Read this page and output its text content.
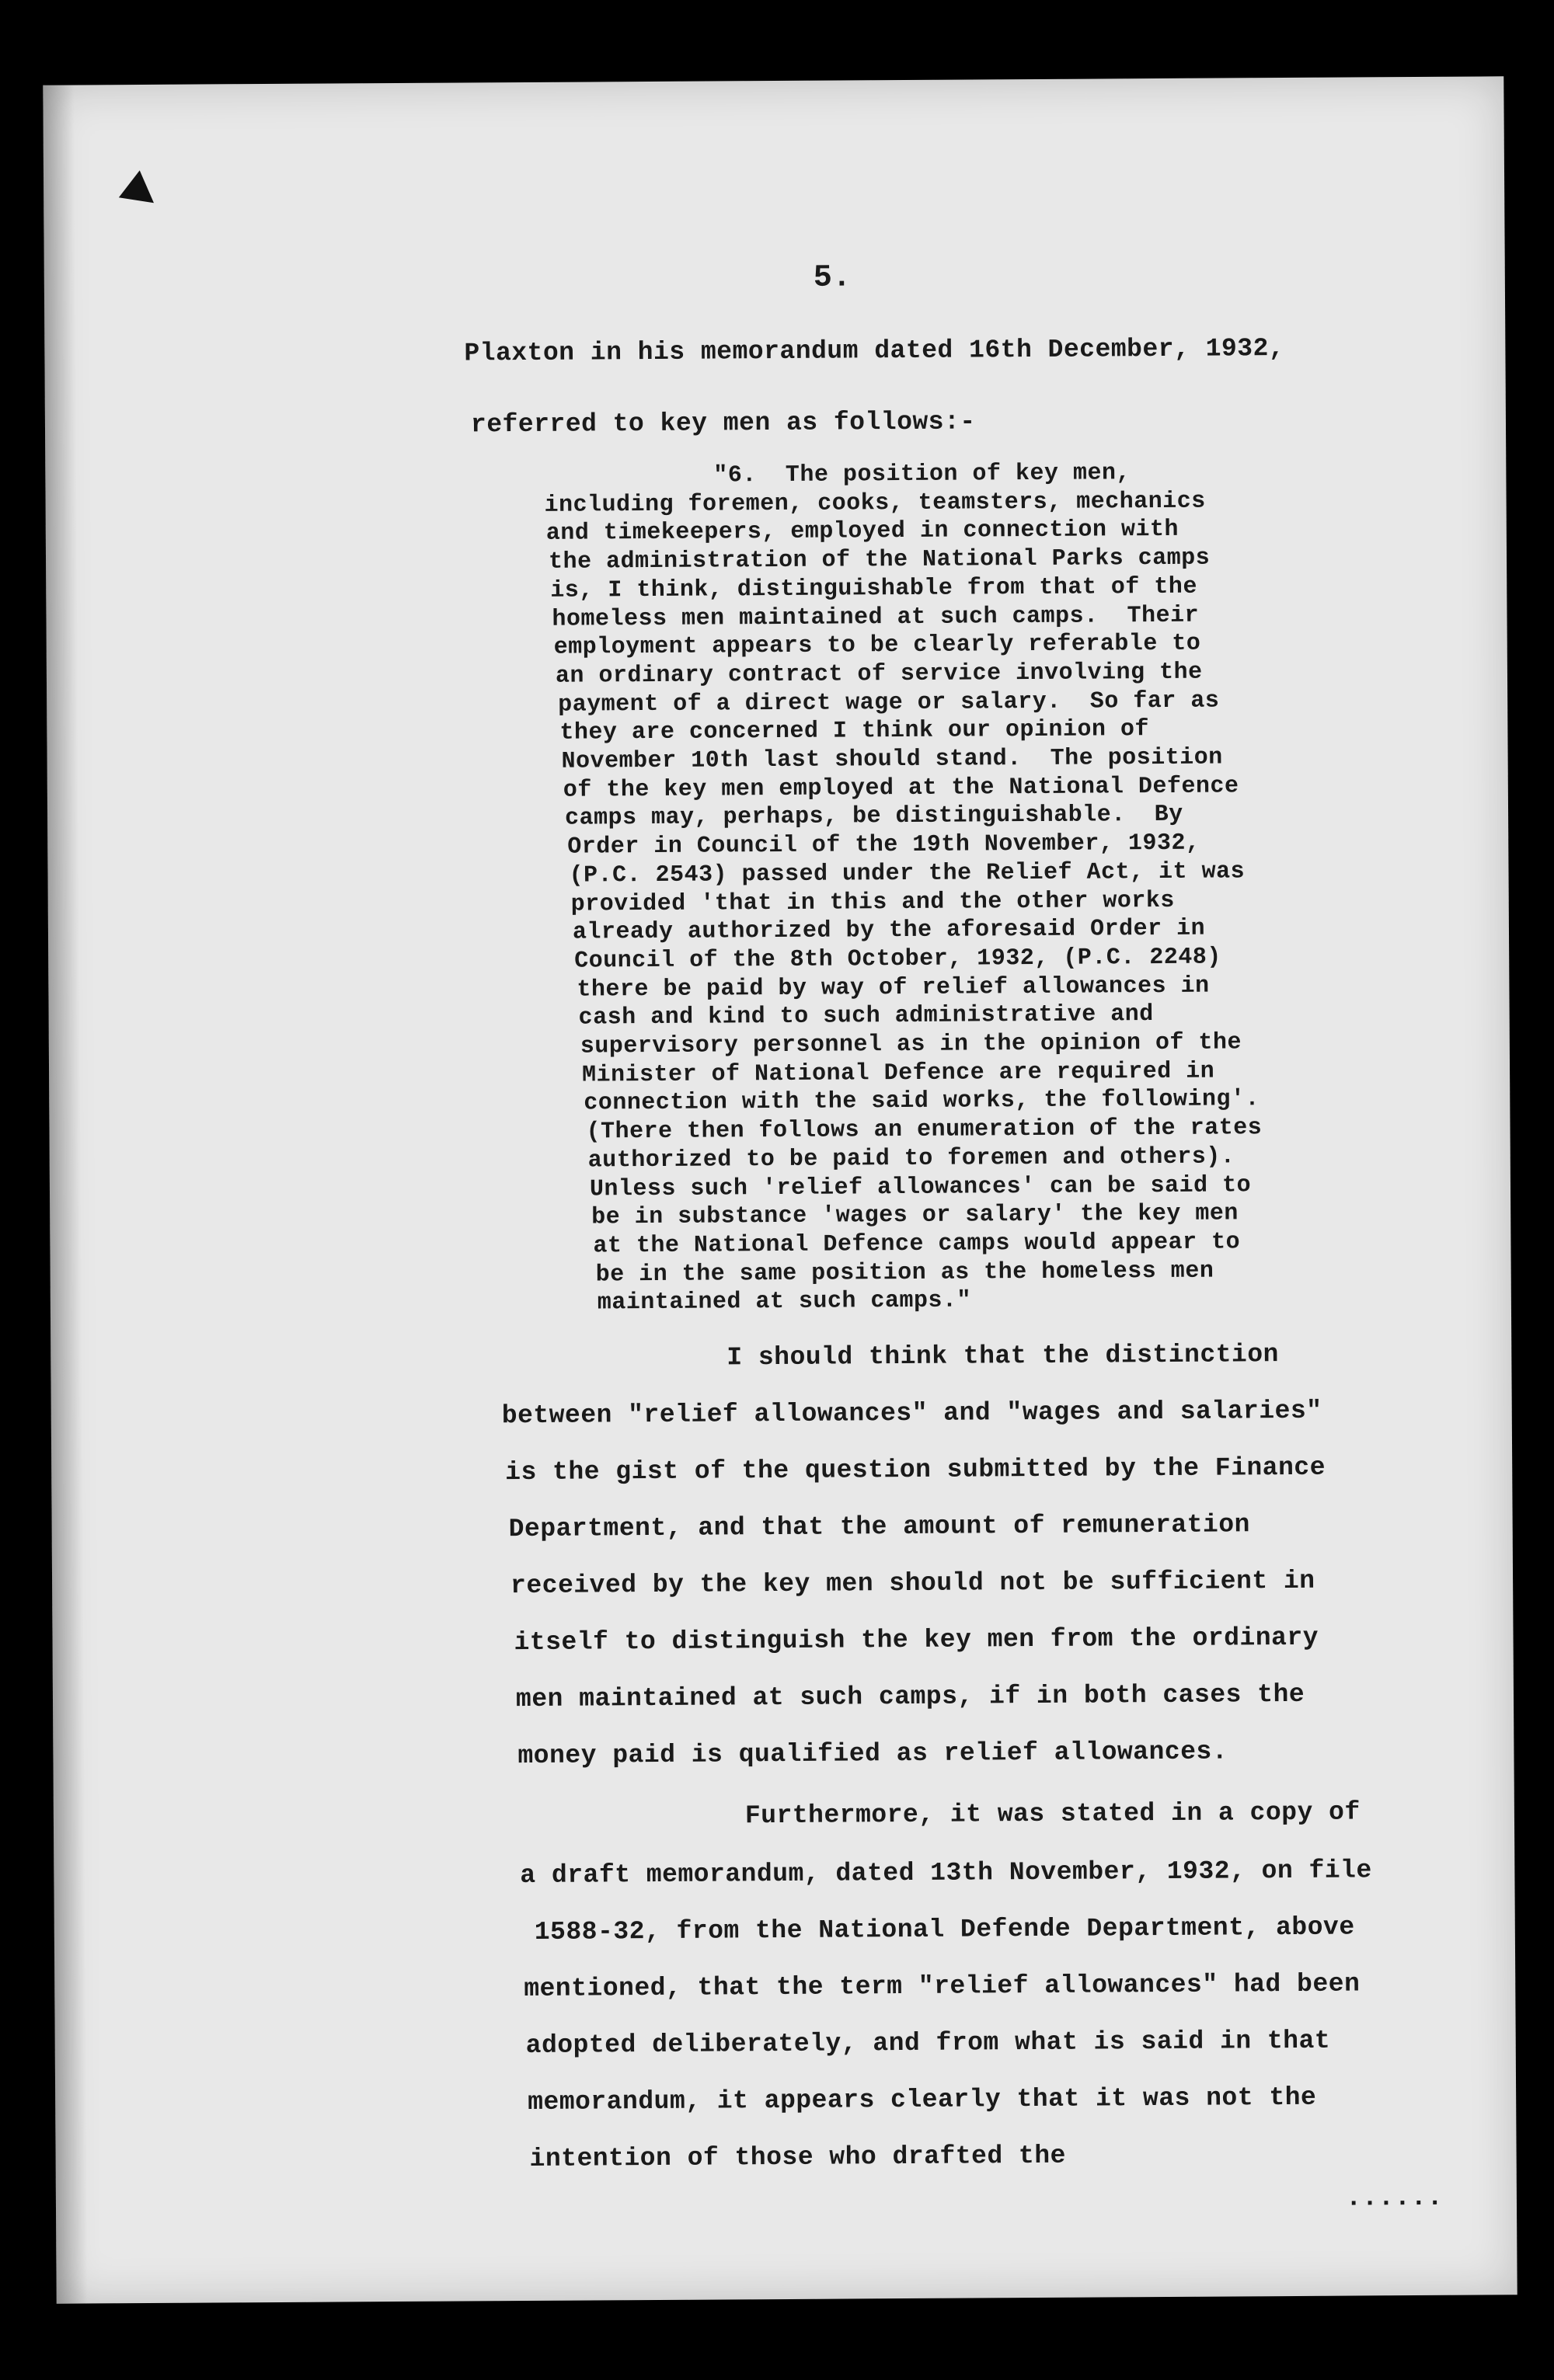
5.
Plaxton in his memorandum dated 16th December, 1932,
referred to key men as follows:-
"6.  The position of key men,
including foremen, cooks, teamsters, mechanics
and timekeepers, employed in connection with
the administration of the National Parks camps
is, I think, distinguishable from that of the
homeless men maintained at such camps.  Their
employment appears to be clearly referable to
an ordinary contract of service involving the
payment of a direct wage or salary.  So far as
they are concerned I think our opinion of
November 10th last should stand.  The position
of the key men employed at the National Defence
camps may, perhaps, be distinguishable.  By
Order in Council of the 19th November, 1932,
(P.C. 2543) passed under the Relief Act, it was
provided 'that in this and the other works
already authorized by the aforesaid Order in
Council of the 8th October, 1932, (P.C. 2248)
there be paid by way of relief allowances in
cash and kind to such administrative and
supervisory personnel as in the opinion of the
Minister of National Defence are required in
connection with the said works, the following'.
(There then follows an enumeration of the rates
authorized to be paid to foremen and others).
Unless such 'relief allowances' can be said to
be in substance 'wages or salary' the key men
at the National Defence camps would appear to
be in the same position as the homeless men
maintained at such camps."
I should think that the distinction
between "relief allowances" and "wages and salaries"
is the gist of the question submitted by the Finance
Department, and that the amount of remuneration
received by the key men should not be sufficient in
itself to distinguish the key men from the ordinary
men maintained at such camps, if in both cases the
money paid is qualified as relief allowances.
Furthermore, it was stated in a copy of
a draft memorandum, dated 13th November, 1932, on file
1588-32, from the National Defende Department, above
mentioned, that the term "relief allowances" had been
adopted deliberately, and from what is said in that
memorandum, it appears clearly that it was not the
intention of those who drafted the
......
